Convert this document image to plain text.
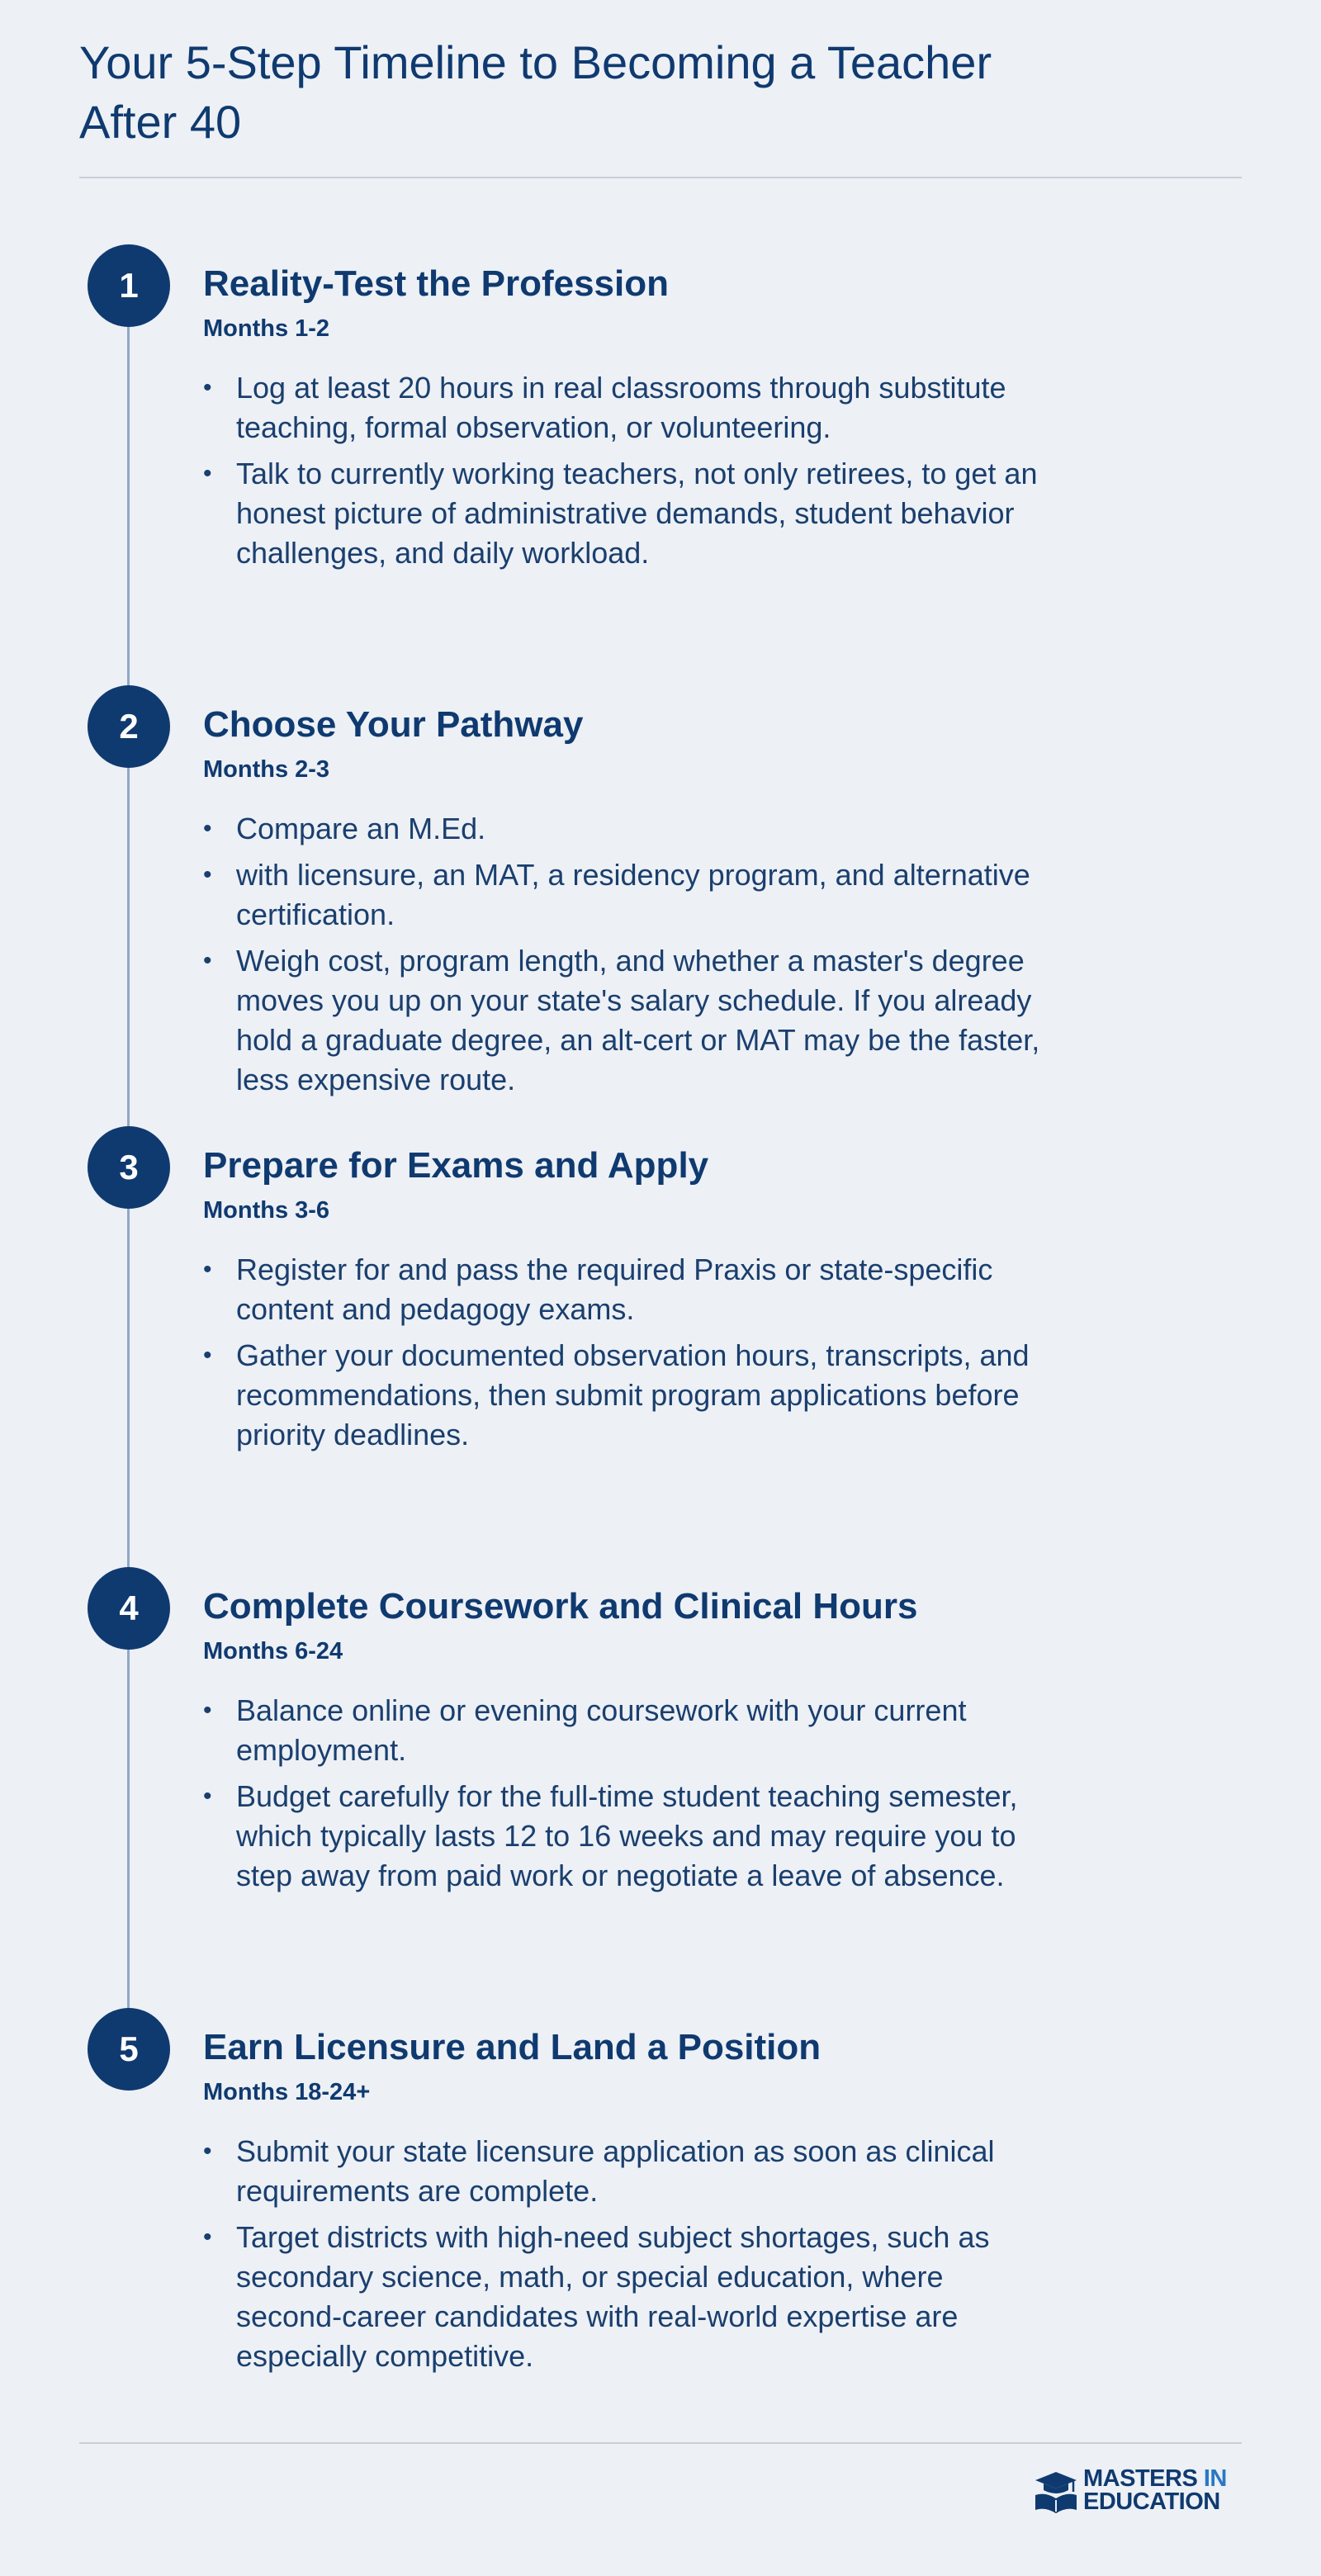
Your 5-Step Timeline to Becoming a Teacher After 40
1	Reality-Test the Profession
Months 1-2
• Log at least 20 hours in real classrooms through substitute teaching, formal observation, or volunteering.
• Talk to currently working teachers, not only retirees, to get an honest picture of administrative demands, student behavior challenges, and daily workload.
2	Choose Your Pathway
Months 2-3
• Compare an M.Ed.
• with licensure, an MAT, a residency program, and alternative certification.
• Weigh cost, program length, and whether a master's degree moves you up on your state's salary schedule. If you already hold a graduate degree, an alt-cert or MAT may be the faster, less expensive route.
3	Prepare for Exams and Apply
Months 3-6
• Register for and pass the required Praxis or state-specific content and pedagogy exams.
• Gather your documented observation hours, transcripts, and recommendations, then submit program applications before priority deadlines.
4	Complete Coursework and Clinical Hours
Months 6-24
• Balance online or evening coursework with your current employment.
• Budget carefully for the full-time student teaching semester, which typically lasts 12 to 16 weeks and may require you to step away from paid work or negotiate a leave of absence.
5	Earn Licensure and Land a Position
Months 18-24+
• Submit your state licensure application as soon as clinical requirements are complete.
• Target districts with high-need subject shortages, such as secondary science, math, or special education, where second-career candidates with real-world expertise are especially competitive.
MASTERS IN
EDUCATION
